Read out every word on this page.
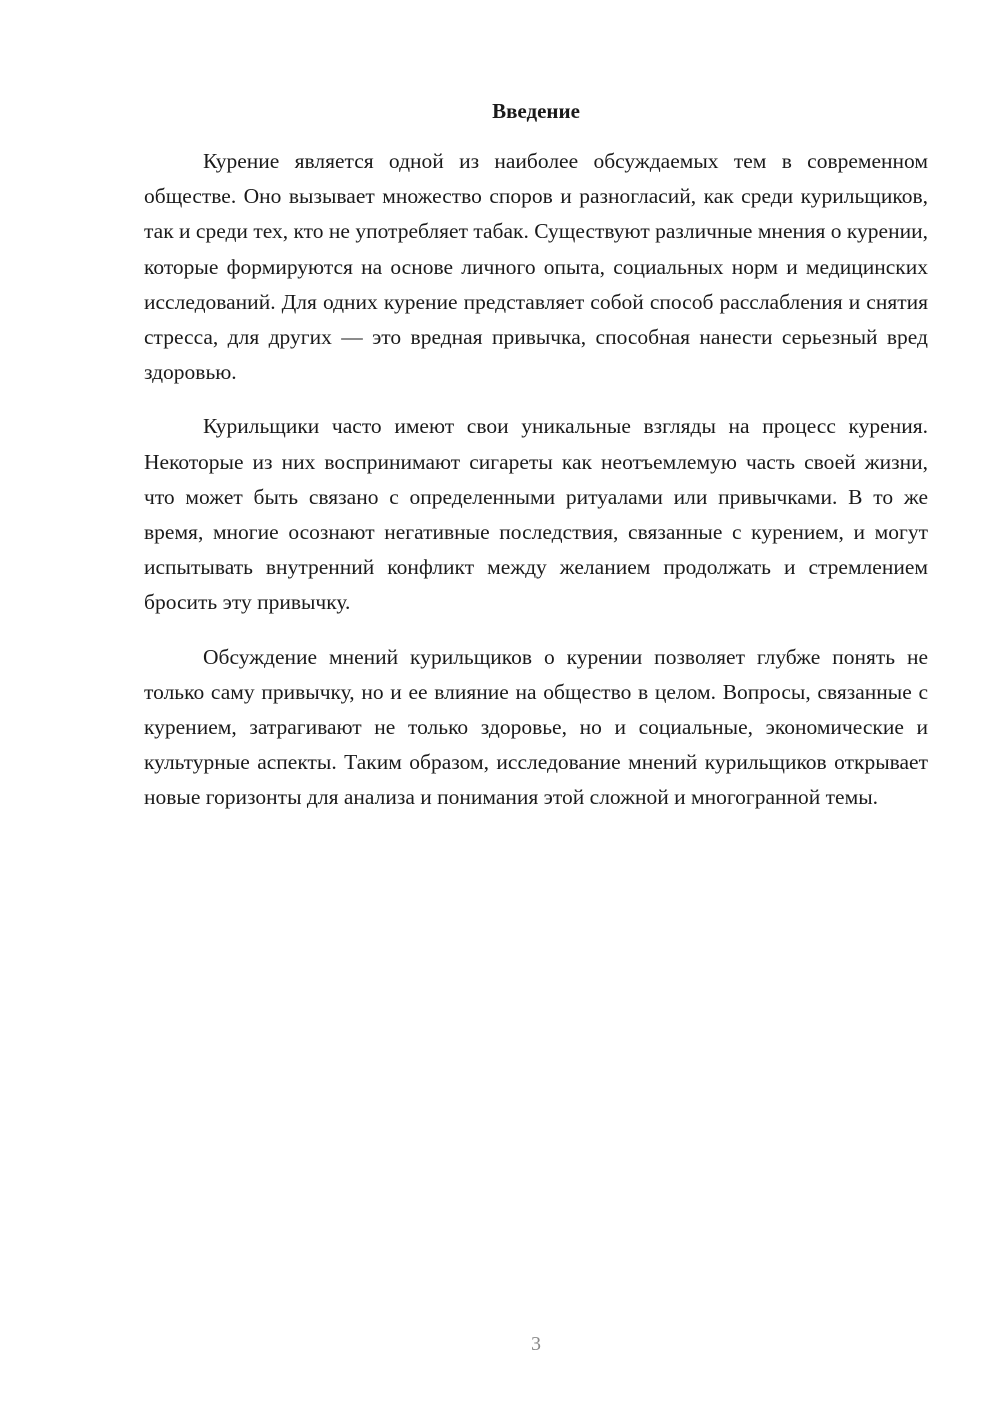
Введение

Курение является одной из наиболее обсуждаемых тем в современном обществе. Оно вызывает множество споров и разногласий, как среди курильщиков, так и среди тех, кто не употребляет табак. Существуют различные мнения о курении, которые формируются на основе личного опыта, социальных норм и медицинских исследований. Для одних курение представляет собой способ расслабления и снятия стресса, для других — это вредная привычка, способная нанести серьезный вред здоровью.

Курильщики часто имеют свои уникальные взгляды на процесс курения. Некоторые из них воспринимают сигареты как неотъемлемую часть своей жизни, что может быть связано с определенными ритуалами или привычками. В то же время, многие осознают негативные последствия, связанные с курением, и могут испытывать внутренний конфликт между желанием продолжать и стремлением бросить эту привычку.

Обсуждение мнений курильщиков о курении позволяет глубже понять не только саму привычку, но и ее влияние на общество в целом. Вопросы, связанные с курением, затрагивают не только здоровье, но и социальные, экономические и культурные аспекты. Таким образом, исследование мнений курильщиков открывает новые горизонты для анализа и понимания этой сложной и многогранной темы.

3
